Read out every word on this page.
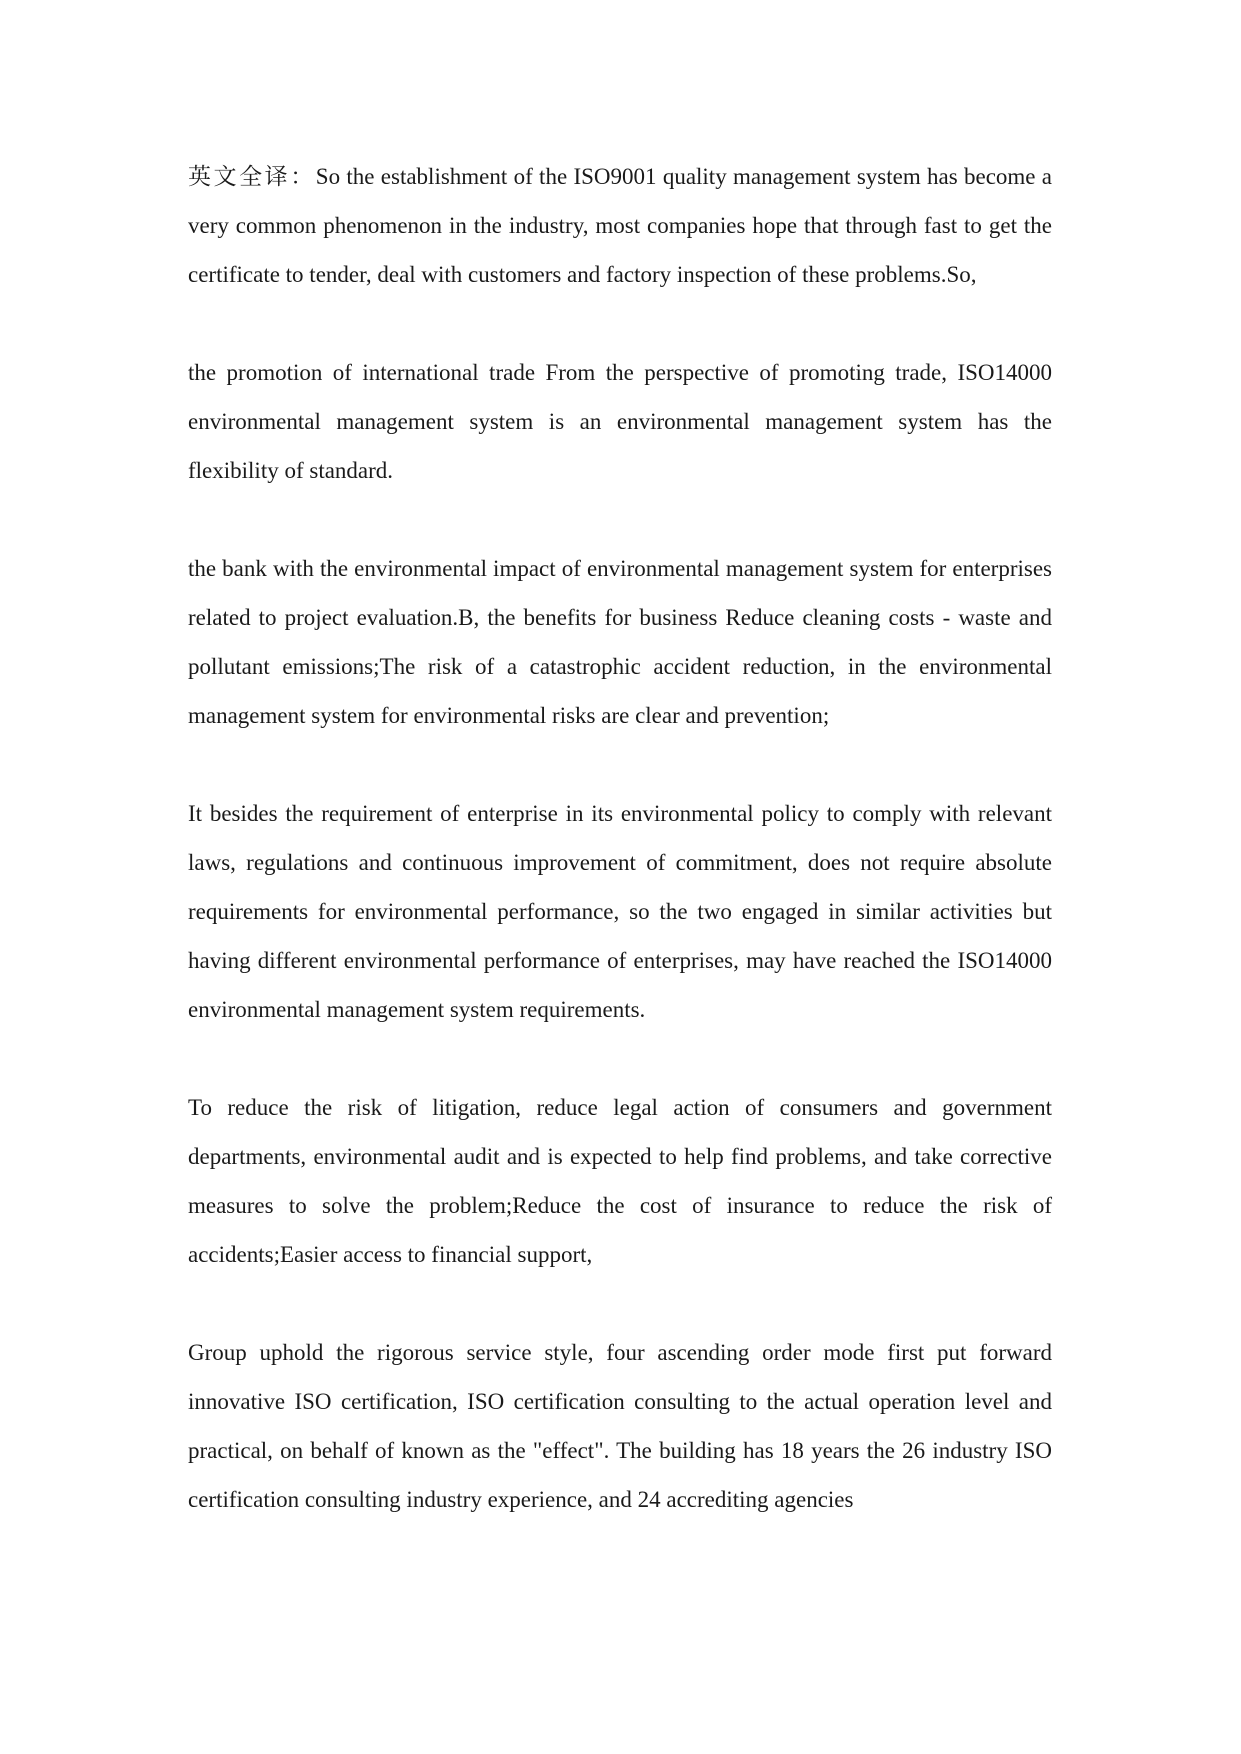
英文全译：So the establishment of the ISO9001 quality management system has become a very common phenomenon in the industry, most companies hope that through fast to get the certificate to tender, deal with customers and factory inspection of these problems.So,

the promotion of international trade From the perspective of promoting trade, ISO14000 environmental management system is an environmental management system has the flexibility of standard.

the bank with the environmental impact of environmental management system for enterprises related to project evaluation.B, the benefits for business Reduce cleaning costs - waste and pollutant emissions;The risk of a catastrophic accident reduction, in the environmental management system for environmental risks are clear and prevention;

It besides the requirement of enterprise in its environmental policy to comply with relevant laws, regulations and continuous improvement of commitment, does not require absolute requirements for environmental performance, so the two engaged in similar activities but having different environmental performance of enterprises, may have reached the ISO14000 environmental management system requirements.

To reduce the risk of litigation, reduce legal action of consumers and government departments, environmental audit and is expected to help find problems, and take corrective measures to solve the problem;Reduce the cost of insurance to reduce the risk of accidents;Easier access to financial support,

Group uphold the rigorous service style, four ascending order mode first put forward innovative ISO certification, ISO certification consulting to the actual operation level and practical, on behalf of known as the "effect". The building has 18 years the 26 industry ISO certification consulting industry experience, and 24 accrediting agencies
